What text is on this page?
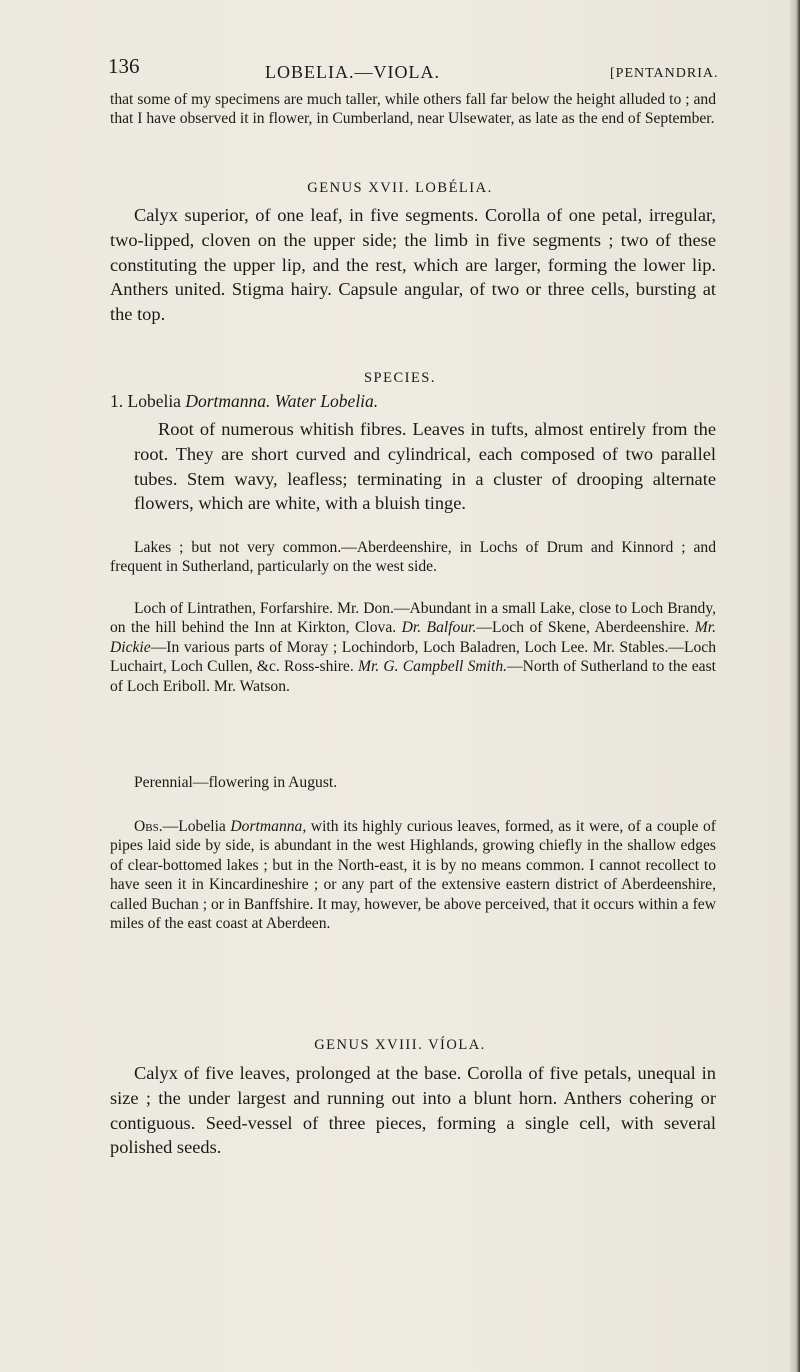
136	LOBELIA.—VIOLA.	[PENTANDRIA.

that some of my specimens are much taller, while others fall far below the height alluded to ; and that I have observed it in flower, in Cumberland, near Ulsewater, as late as the end of September.

GENUS XVII. LOBÉLIA.

Calyx superior, of one leaf, in five segments. Corolla of one petal, irregular, two-lipped, cloven on the upper side; the limb in five segments ; two of these constituting the upper lip, and the rest, which are larger, forming the lower lip. Anthers united. Stigma hairy. Capsule angular, of two or three cells, bursting at the top.

SPECIES.
1. Lobelia Dortmanna. Water Lobelia.

Root of numerous whitish fibres. Leaves in tufts, almost entirely from the root. They are short curved and cylindrical, each composed of two parallel tubes. Stem wavy, leafless; terminating in a cluster of drooping alternate flowers, which are white, with a bluish tinge.

Lakes ; but not very common.—Aberdeenshire, in Lochs of Drum and Kinnord ; and frequent in Sutherland, particularly on the west side.

Loch of Lintrathen, Forfarshire. Mr. Don.—Abundant in a small Lake, close to Loch Brandy, on the hill behind the Inn at Kirkton, Clova. Dr. Balfour.—Loch of Skene, Aberdeenshire. Mr. Dickie—In various parts of Moray ; Lochindorb, Loch Baladren, Loch Lee. Mr. Stables.—Loch Luchairt, Loch Cullen, &c. Ross-shire. Mr. G. Campbell Smith.—North of Sutherland to the east of Loch Eriboll. Mr. Watson.

Perennial—flowering in August.

Obs.—Lobelia Dortmanna, with its highly curious leaves, formed, as it were, of a couple of pipes laid side by side, is abundant in the west Highlands, growing chiefly in the shallow edges of clear-bottomed lakes ; but in the North-east, it is by no means common. I cannot recollect to have seen it in Kincardineshire ; or any part of the extensive eastern district of Aberdeenshire, called Buchan ; or in Banffshire. It may, however, be above perceived, that it occurs within a few miles of the east coast at Aberdeen.

GENUS XVIII. VÍOLA.

Calyx of five leaves, prolonged at the base. Corolla of five petals, unequal in size ; the under largest and running out into a blunt horn. Anthers cohering or contiguous. Seed-vessel of three pieces, forming a single cell, with several polished seeds.
